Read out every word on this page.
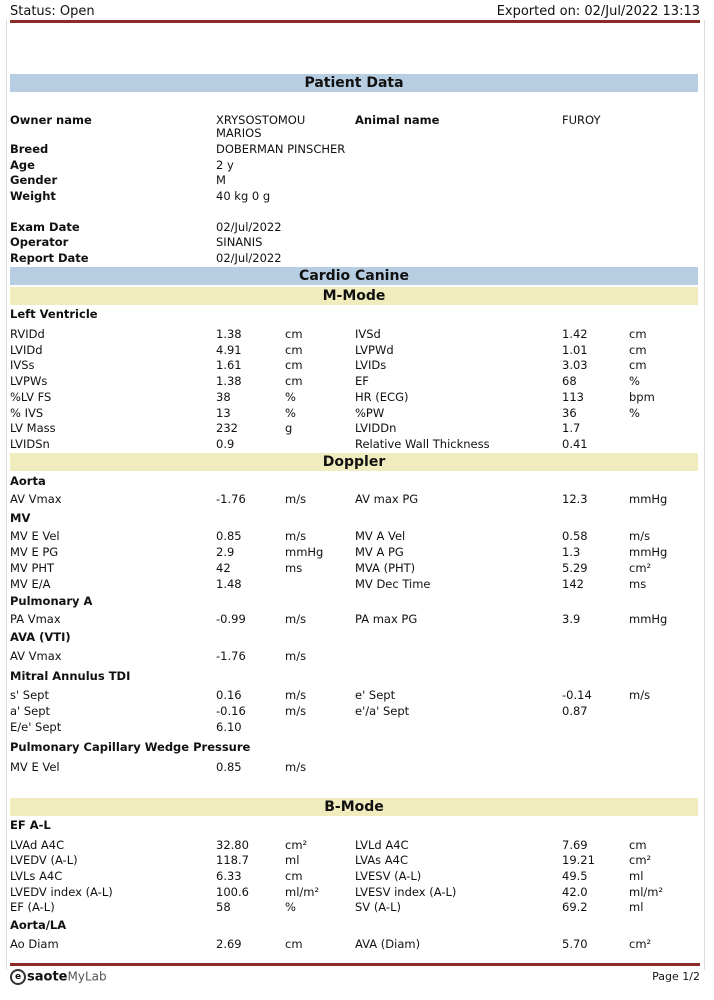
Status: Open	Exported on: 02/Jul/2022 13:13
Patient Data
Owner name	XRYSOSTOMOU
MARIOS
Animal name	FUROY
Breed	DOBERMAN PINSCHER
Age	2 y
Gender	M
Weight	40 kg 0 g
Exam Date	02/Jul/2022
Operator	SINANIS
Report Date	02/Jul/2022
Cardio Canine
M-Mode
Left Ventricle
RVIDd	1.38	cm	IVSd	1.42	cm
LVIDd	4.91	cm	LVPWd	1.01	cm
IVSs	1.61	cm	LVIDs	3.03	cm
LVPWs	1.38	cm	EF	68	%
%LV FS	38	%	HR (ECG)	113	bpm
% IVS	13	%	%PW	36	%
LV Mass	232	g	LVIDDn	1.7
LVIDSn	0.9	Relative Wall Thickness	0.41
Doppler
Aorta
AV Vmax	-1.76	m/s	AV max PG	12.3	mmHg
MV
MV E Vel	0.85	m/s	MV A Vel	0.58	m/s
MV E PG	2.9	mmHg	MV A PG	1.3	mmHg
MV PHT	42	ms	MVA (PHT)	5.29	cm²
MV E/A	1.48	MV Dec Time	142	ms
Pulmonary A
PA Vmax	-0.99	m/s	PA max PG	3.9	mmHg
AVA (VTI)
AV Vmax	-1.76	m/s
Mitral Annulus TDI
s' Sept	0.16	m/s	e' Sept	-0.14	m/s
a' Sept	-0.16	m/s	e'/a' Sept	0.87
E/e' Sept	6.10
Pulmonary Capillary Wedge Pressure
MV E Vel	0.85	m/s
B-Mode
EF A-L
LVAd A4C	32.80	cm²	LVLd A4C	7.69	cm
LVEDV (A-L)	118.7	ml	LVAs A4C	19.21	cm²
LVLs A4C	6.33	cm	LVESV (A-L)	49.5	ml
LVEDV index (A-L)	100.6	ml/m²	LVESV index (A-L)	42.0	ml/m²
EF (A-L)	58	%	SV (A-L)	69.2	ml
Aorta/LA
Ao Diam	2.69	cm	AVA (Diam)	5.70	cm²
e saoteMyLab	Page 1/2
